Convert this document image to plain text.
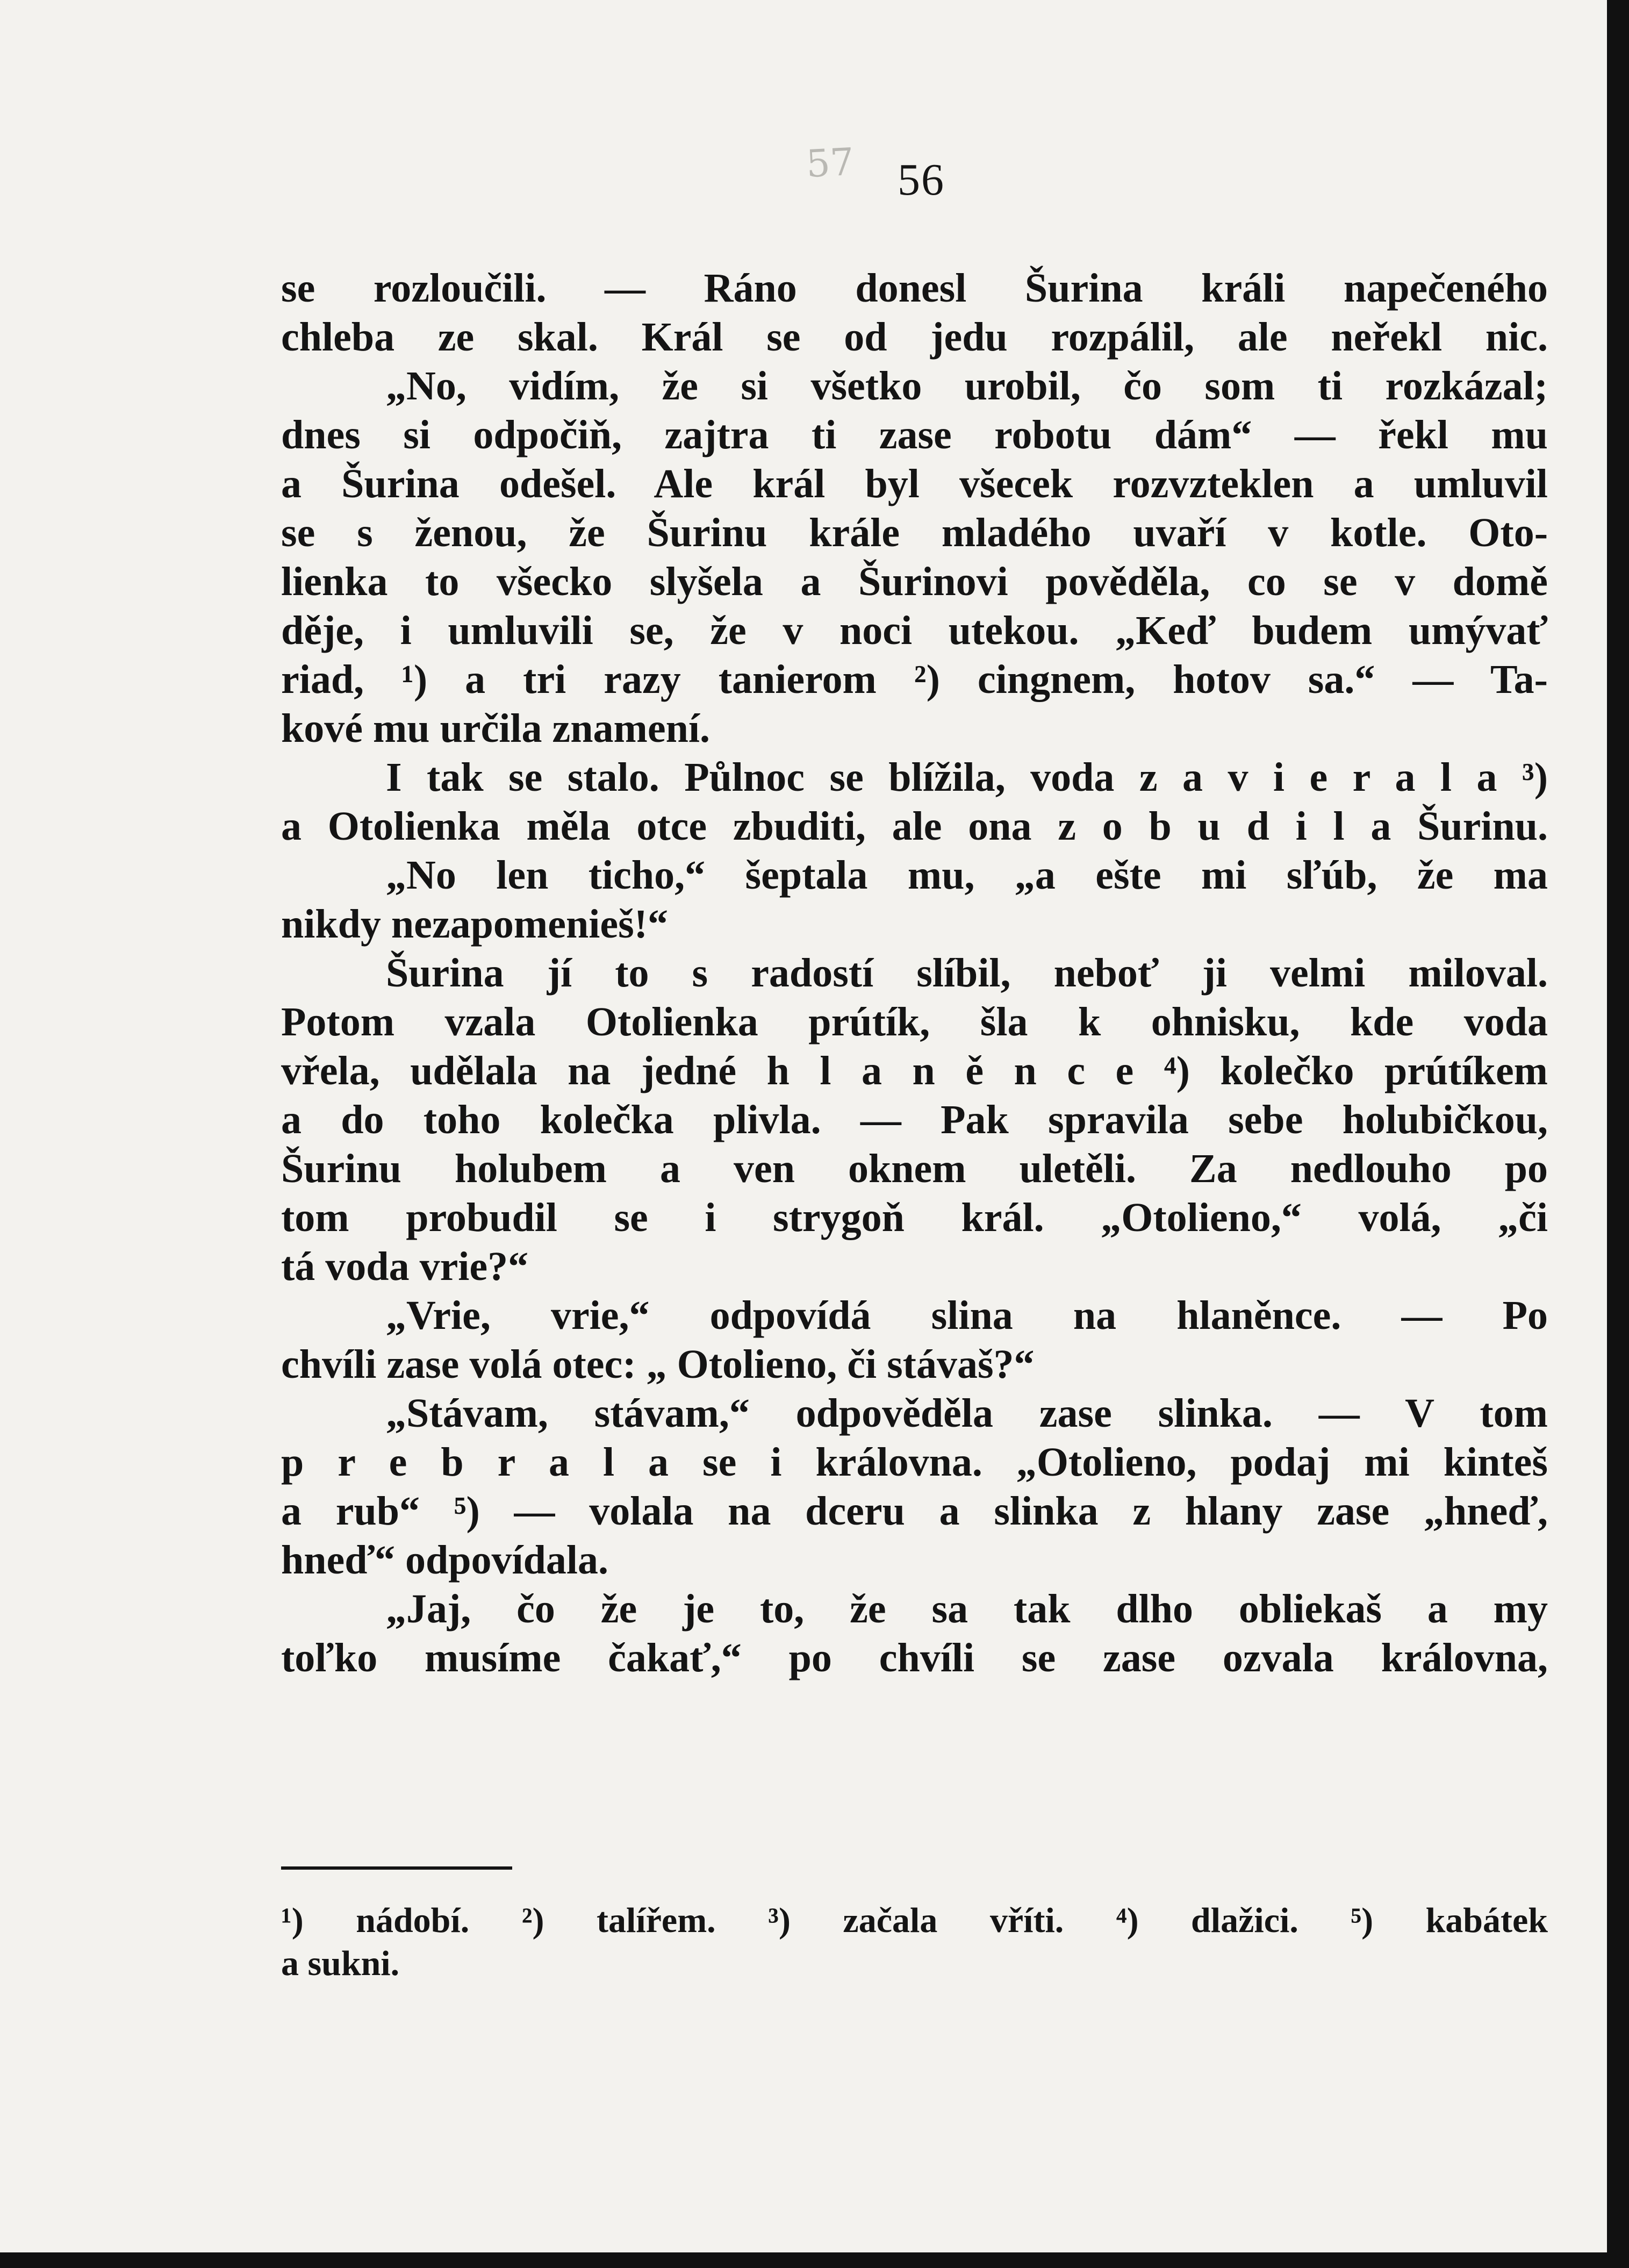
57 56
se rozloučili. — Ráno donesl Šurina králi napečeného
chleba ze skal. Král se od jedu rozpálil, ale neřekl nic.
„No, vidím, že si všetko urobil, čo som ti rozkázal;
dnes si odpočiň, zajtra ti zase robotu dám“ — řekl mu
a Šurina odešel. Ale král byl všecek rozvzteklen a umluvil
se s ženou, že Šurinu krále mladého uvaří v kotle. Oto-
lienka to všecko slyšela a Šurinovi pověděla, co se v domě
děje, i umluvili se, že v noci utekou. „Keď budem umývať
riad, ¹) a tri razy tanierom ²) cingnem, hotov sa.“ — Ta-
kové mu určila znamení.
I tak se stalo. Půlnoc se blížila, voda z a v i e r a l a ³)
a Otolienka měla otce zbuditi, ale ona z o b u d i l a Šurinu.
„No len ticho,“ šeptala mu, „a ešte mi sľúb, že ma
nikdy nezapomenieš!“
Šurina jí to s radostí slíbil, neboť ji velmi miloval.
Potom vzala Otolienka prútík, šla k ohnisku, kde voda
vřela, udělala na jedné h l a n ě n c e ⁴) kolečko prútíkem
a do toho kolečka plivla. — Pak spravila sebe holubičkou,
Šurinu holubem a ven oknem uletěli. Za nedlouho po
tom probudil se i strygoň král. „Otolieno,“ volá, „či
tá voda vrie?“
„Vrie, vrie,“ odpovídá slina na hlaněnce. — Po
chvíli zase volá otec: „ Otolieno, či stávaš?“
„Stávam, stávam,“ odpověděla zase slinka. — V tom
p r e b r a l a se i královna. „Otolieno, podaj mi kinteš
a rub“ ⁵) — volala na dceru a slinka z hlany zase „hneď,
hneď“ odpovídala.
„Jaj, čo že je to, že sa tak dlho obliekaš a my
toľko musíme čakať,“ po chvíli se zase ozvala královna,
¹) nádobí. ²) talířem. ³) začala vříti. ⁴) dlažici. ⁵) kabátek
a sukni.
